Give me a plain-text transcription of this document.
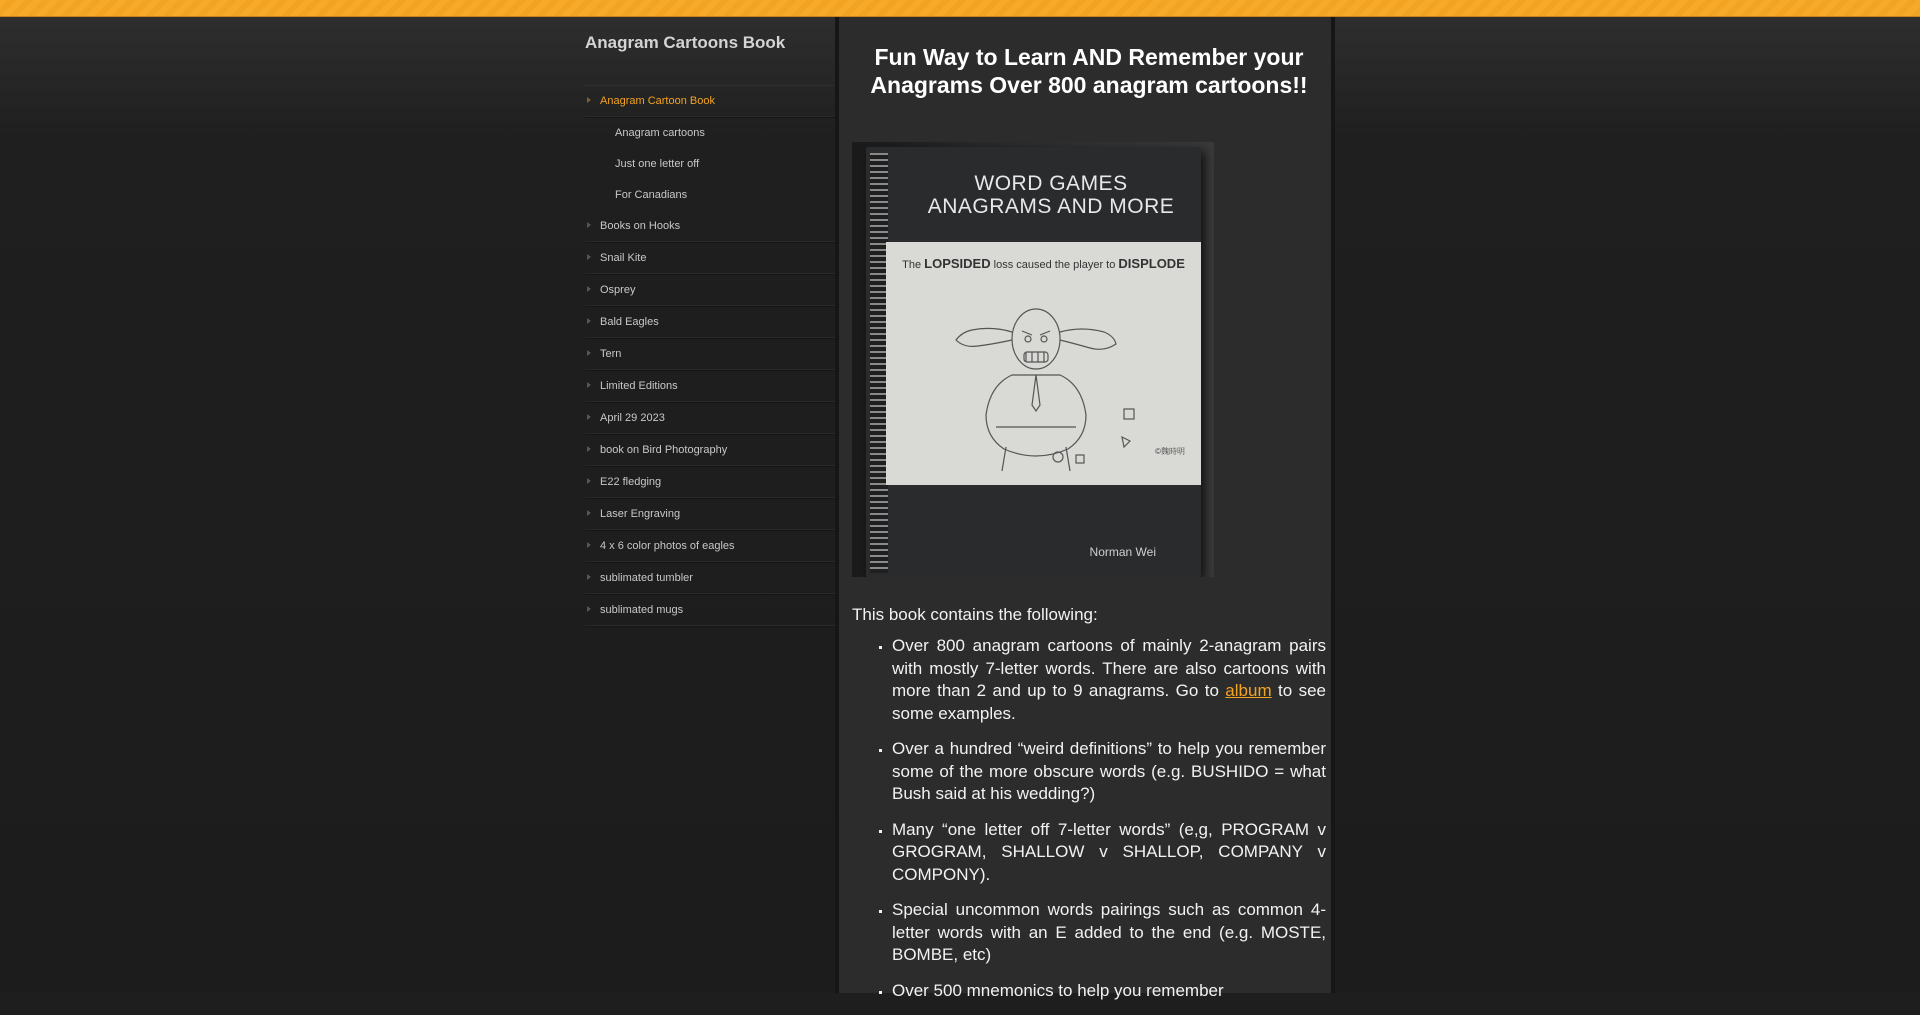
Anagram Cartoons Book
Anagram Cartoon Book
Anagram cartoons
Just one letter off
For Canadians
Books on Hooks
Snail Kite
Osprey
Bald Eagles
Tern
Limited Editions
April 29 2023
book on Bird Photography
E22 fledging
Laser Engraving
4 x 6 color photos of eagles
sublimated tumbler
sublimated mugs
Fun Way to Learn AND Remember your Anagrams Over 800 anagram cartoons!!
WORD GAMES
ANAGRAMS AND MORE
The LOPSIDED loss caused the player to DISPLODE
©魏時明
Norman Wei

This book contains the following:

▪ Over 800 anagram cartoons of mainly 2-anagram pairs with mostly 7-letter words. There are also cartoons with more than 2 and up to 9 anagrams. Go to album to see some examples.
▪ Over a hundred “weird definitions” to help you remember some of the more obscure words (e.g. BUSHIDO = what Bush said at his wedding?)
▪ Many “one letter off 7-letter words” (e,g, PROGRAM v GROGRAM, SHALLOW v SHALLOP, COMPANY v COMPONY).
▪ Special uncommon words pairings such as common 4-letter words with an E added to the end (e.g. MOSTE, BOMBE, etc)
▪ Over 500 mnemonics to help you remember
